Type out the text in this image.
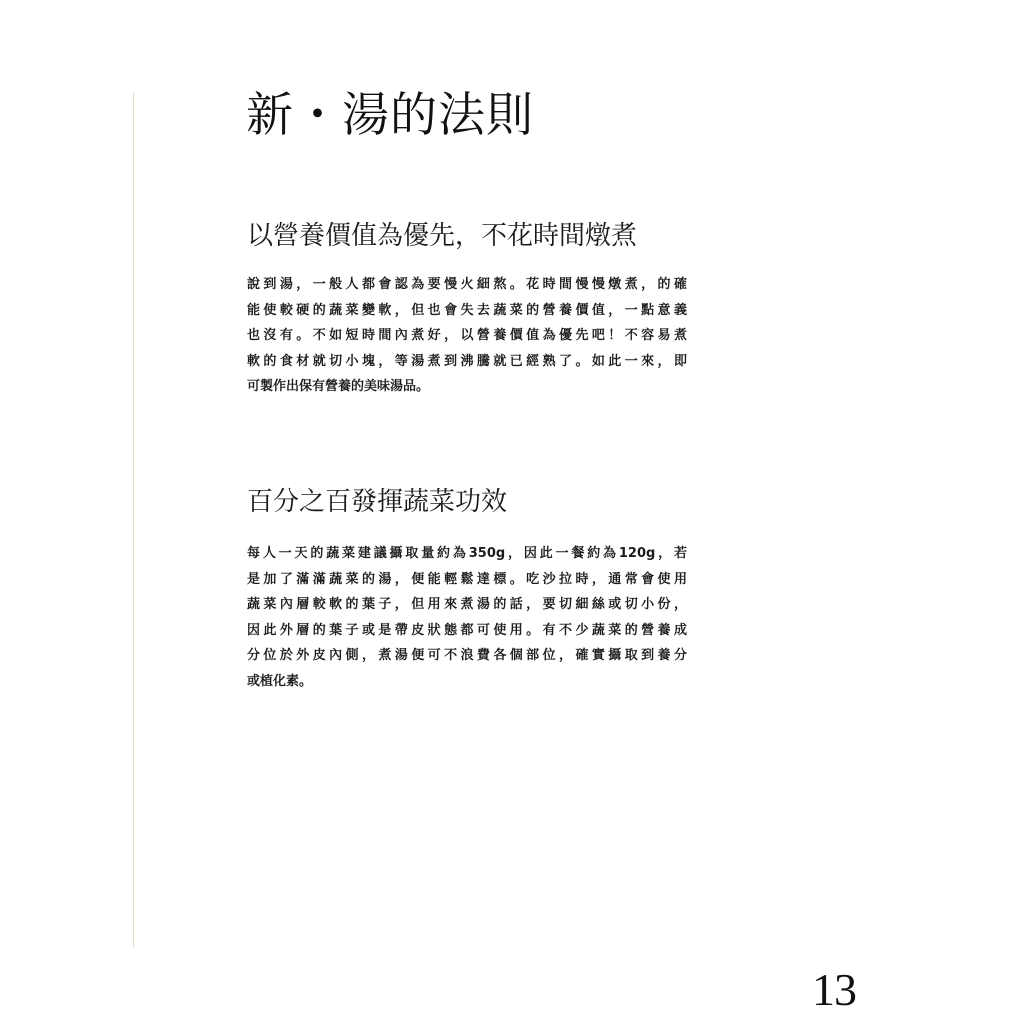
新・湯的法則
以營養價值為優先，不花時間燉煮
說到湯，一般人都會認為要慢火細熬。花時間慢慢燉煮，的確
能使較硬的蔬菜變軟，但也會失去蔬菜的營養價值，一點意義
也沒有。不如短時間內煮好，以營養價值為優先吧！不容易煮
軟的食材就切小塊，等湯煮到沸騰就已經熟了。如此一來，即
可製作出保有營養的美味湯品。
百分之百發揮蔬菜功效
每人一天的蔬菜建議攝取量約為350g，因此一餐約為120g，若
是加了滿滿蔬菜的湯，便能輕鬆達標。吃沙拉時，通常會使用
蔬菜內層較軟的葉子，但用來煮湯的話，要切細絲或切小份，
因此外層的葉子或是帶皮狀態都可使用。有不少蔬菜的營養成
分位於外皮內側，煮湯便可不浪費各個部位，確實攝取到養分
或植化素。
13
